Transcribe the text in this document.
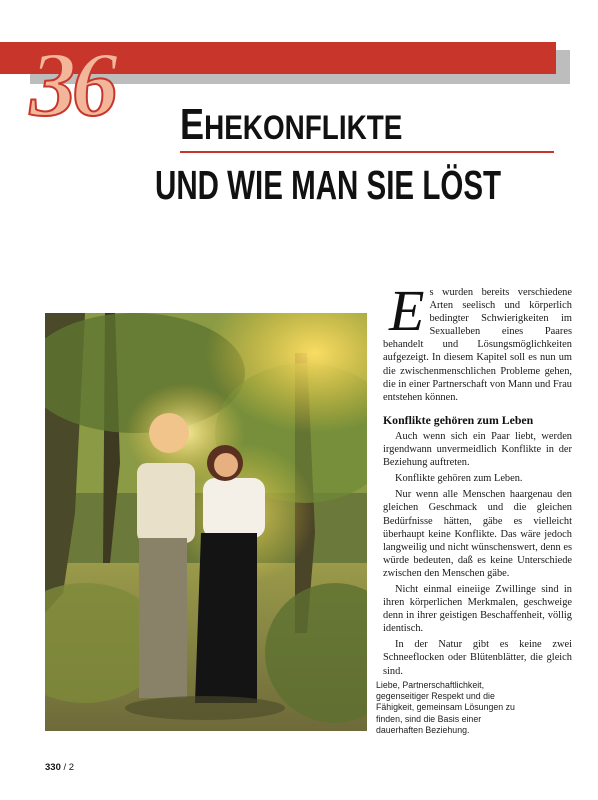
36 EHEKONFLIKTE
UND WIE MAN SIE LÖST

Es wurden bereits verschiedene Arten seelisch und körperlich bedingter Schwierigkeiten im Sexualleben eines Paares behandelt und Lösungsmöglichkeiten aufgezeigt. In diesem Kapitel soll es nun um die zwischenmenschlichen Probleme gehen, die in einer Partnerschaft von Mann und Frau entstehen können.

Konflikte gehören zum Leben

Auch wenn sich ein Paar liebt, werden irgendwann unvermeidlich Konflikte in der Beziehung auftreten.

Konflikte gehören zum Leben.

Nur wenn alle Menschen haargenau den gleichen Geschmack und die gleichen Bedürfnisse hätten, gäbe es vielleicht überhaupt keine Konflikte. Das wäre jedoch langweilig und nicht wünschenswert, denn es würde bedeuten, daß es keine Unterschiede zwischen den Menschen gäbe.

Nicht einmal eineiige Zwillinge sind in ihren körperlichen Merkmalen, geschweige denn in ihrer geistigen Beschaffenheit, völlig identisch.

In der Natur gibt es keine zwei Schneeflocken oder Blütenblätter, die gleich sind.

Liebe, Partnerschaftlichkeit, gegenseitiger Respekt und die Fähigkeit, gemeinsam Lösungen zu finden, sind die Basis einer dauerhaften Beziehung.
330 / 2
